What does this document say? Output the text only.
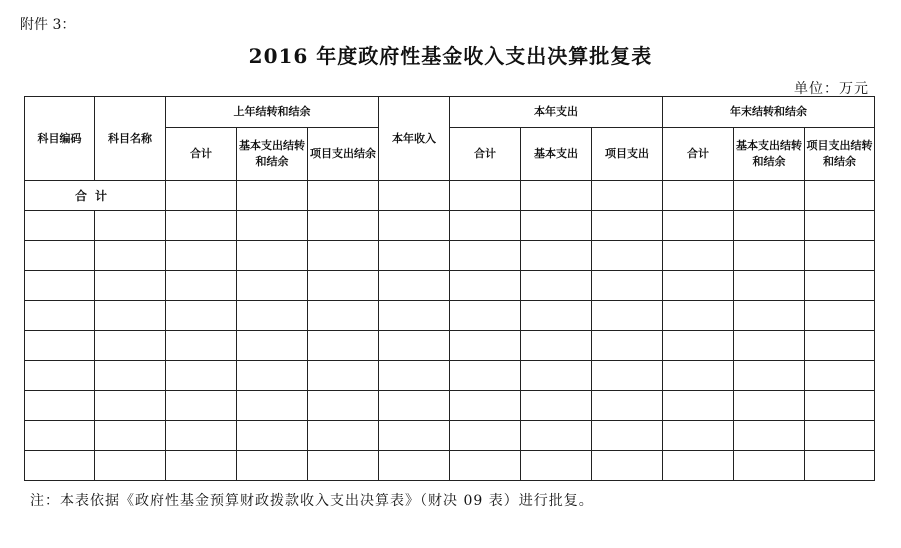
附件 3：
2016 年度政府性基金收入支出决算批复表
单位：万元
科目编码	科目名称	上年结转和结余			本年收入	本年支出			年末结转和结余		
		合计	基本支出结转和结余	项目支出结余		合计	基本支出	项目支出	合计	基本支出结转和结余	项目支出结转和结余
合计											

注：本表依据《政府性基金预算财政拨款收入支出决算表》（财决 09 表）进行批复。
